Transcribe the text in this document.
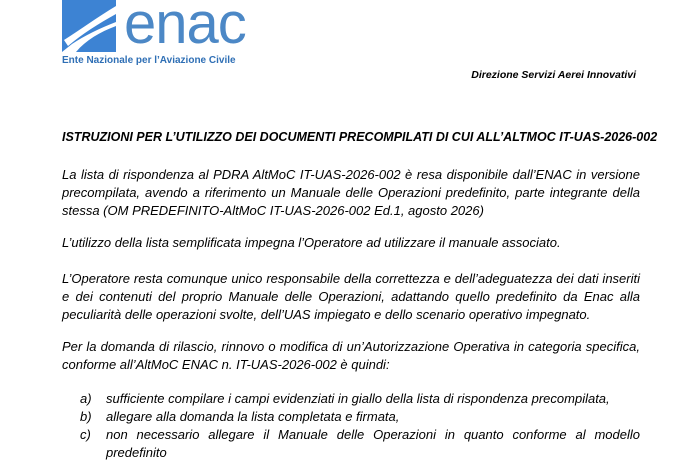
enac
Ente Nazionale per l’Aviazione Civile
Direzione Servizi Aerei Innovativi
ISTRUZIONI PER L’UTILIZZO DEI DOCUMENTI PRECOMPILATI DI CUI ALL’ALTMOC IT-UAS-2026-002

La lista di rispondenza al PDRA AltMoC IT-UAS-2026-002 è resa disponibile dall’ENAC in versione precompilata, avendo a riferimento un Manuale delle Operazioni predefinito, parte integrante della stessa (OM PREDEFINITO-AltMoC IT-UAS-2026-002 Ed.1, agosto 2026)

L’utilizzo della lista semplificata impegna l’Operatore ad utilizzare il manuale associato.

L’Operatore resta comunque unico responsabile della correttezza e dell’adeguatezza dei dati inseriti e dei contenuti del proprio Manuale delle Operazioni, adattando quello predefinito da Enac alla peculiarità delle operazioni svolte, dell’UAS impiegato e dello scenario operativo impegnato.

Per la domanda di rilascio, rinnovo o modifica di un’Autorizzazione Operativa in categoria specifica, conforme all’AltMoC ENAC n. IT-UAS-2026-002 è quindi:

a) sufficiente compilare i campi evidenziati in giallo della lista di rispondenza precompilata,
b) allegare alla domanda la lista completata e firmata,
c) non necessario allegare il Manuale delle Operazioni in quanto conforme al modello predefinito
